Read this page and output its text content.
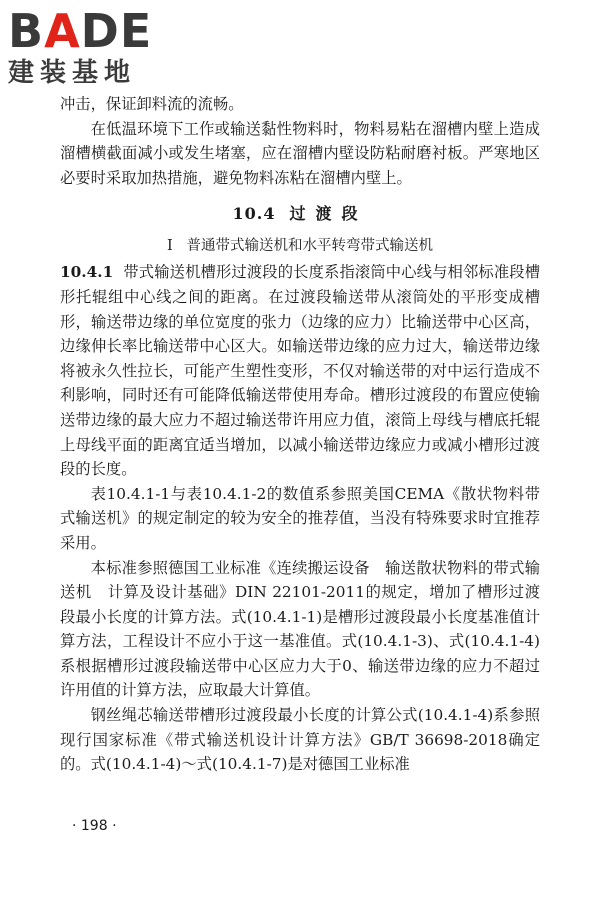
BADE
建装基地

冲击，保证卸料流的流畅。

在低温环境下工作或输送黏性物料时，物料易粘在溜槽内壁上造成溜槽横截面减小或发生堵塞，应在溜槽内壁设防粘耐磨衬板。严寒地区必要时采取加热措施，避免物料冻粘在溜槽内壁上。

10.4 过渡段
Ⅰ 普通带式输送机和水平转弯带式输送机

10.4.1 带式输送机槽形过渡段的长度系指滚筒中心线与相邻标准段槽形托辊组中心线之间的距离。在过渡段输送带从滚筒处的平形变成槽形，输送带边缘的单位宽度的张力（边缘的应力）比输送带中心区高，边缘伸长率比输送带中心区大。如输送带边缘的应力过大，输送带边缘将被永久性拉长，可能产生塑性变形，不仅对输送带的对中运行造成不利影响，同时还有可能降低输送带使用寿命。槽形过渡段的布置应使输送带边缘的最大应力不超过输送带许用应力值，滚筒上母线与槽底托辊上母线平面的距离宜适当增加，以减小输送带边缘应力或减小槽形过渡段的长度。

表10.4.1-1与表10.4.1-2的数值系参照美国CEMA《散状物料带式输送机》的规定制定的较为安全的推荐值，当没有特殊要求时宜推荐采用。

本标准参照德国工业标准《连续搬运设备　输送散状物料的带式输送机　计算及设计基础》DIN 22101-2011的规定，增加了槽形过渡段最小长度的计算方法。式(10.4.1-1)是槽形过渡段最小长度基准值计算方法，工程设计不应小于这一基准值。式(10.4.1-3)、式(10.4.1-4)系根据槽形过渡段输送带中心区应力大于0、输送带边缘的应力不超过许用值的计算方法，应取最大计算值。

钢丝绳芯输送带槽形过渡段最小长度的计算公式(10.4.1-4)系参照现行国家标准《带式输送机设计计算方法》GB/T 36698-2018确定的。式(10.4.1-4)～式(10.4.1-7)是对德国工业标准

· 198 ·
